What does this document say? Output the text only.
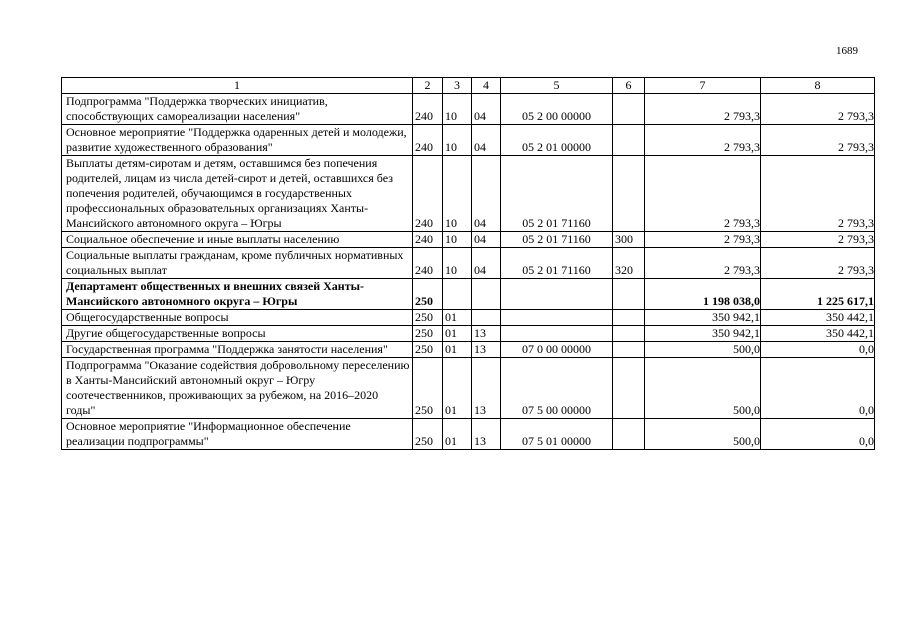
1689
1	2	3	4	5	6	7	8
Подпрограмма "Поддержка творческих инициатив, способствующих самореализации населения"	240	10	04	05 2 00 00000		2 793,3	2 793,3
Основное мероприятие "Поддержка одаренных детей и молодежи, развитие художественного образования"	240	10	04	05 2 01 00000		2 793,3	2 793,3
Выплаты детям-сиротам и детям, оставшимся без попечения родителей, лицам из числа детей-сирот и детей, оставшихся без попечения родителей, обучающимся в государственных профессиональных образовательных организациях Ханты-Мансийского автономного округа – Югры	240	10	04	05 2 01 71160		2 793,3	2 793,3
Социальное обеспечение и иные выплаты населению	240	10	04	05 2 01 71160	300	2 793,3	2 793,3
Социальные выплаты гражданам, кроме публичных нормативных социальных выплат	240	10	04	05 2 01 71160	320	2 793,3	2 793,3
Департамент общественных и внешних связей Ханты-Мансийского автономного округа – Югры	250					1 198 038,0	1 225 617,1
Общегосударственные вопросы	250	01				350 942,1	350 442,1
Другие общегосударственные вопросы	250	01	13			350 942,1	350 442,1
Государственная программа "Поддержка занятости населения"	250	01	13	07 0 00 00000		500,0	0,0
Подпрограмма "Оказание содействия добровольному переселению в Ханты-Мансийский автономный округ – Югру соотечественников, проживающих за рубежом, на 2016–2020 годы"	250	01	13	07 5 00 00000		500,0	0,0
Основное мероприятие "Информационное обеспечение реализации подпрограммы"	250	01	13	07 5 01 00000		500,0	0,0
